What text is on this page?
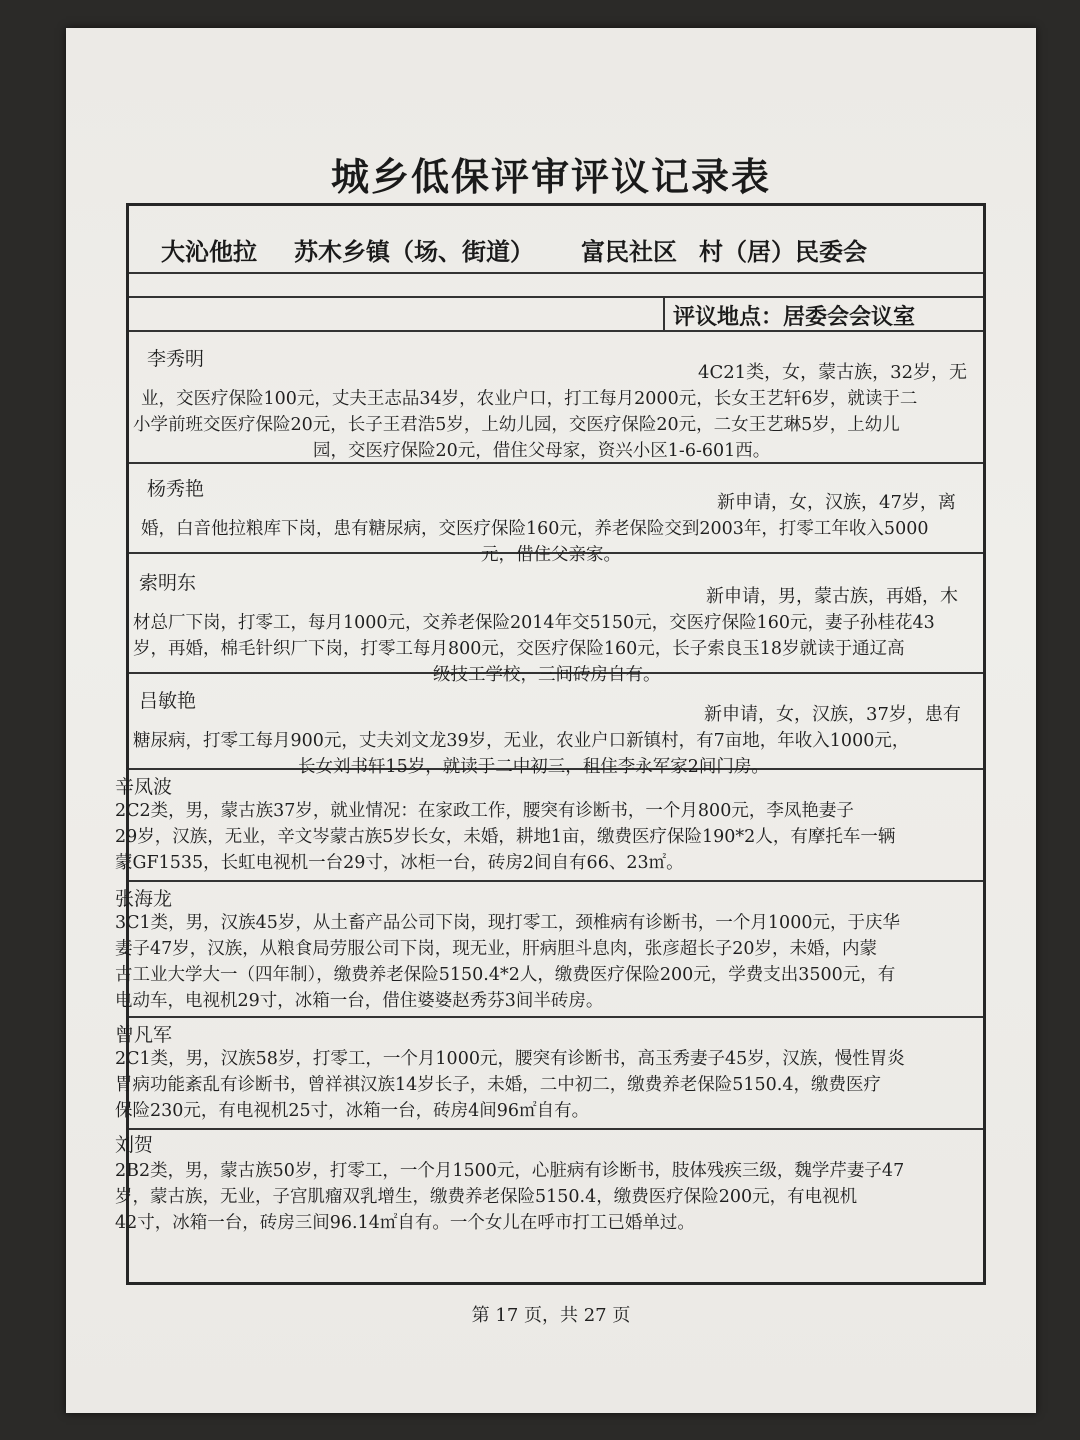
城乡低保评审评议记录表
大沁他拉 苏木乡镇（场、街道） 富民社区 村（居）民委会
评议地点：居委会会议室
李秀明
4C21类，女，蒙古族，32岁，无
业，交医疗保险100元，丈夫王志品34岁，农业户口，打工每月2000元，长女王艺轩6岁，就读于二
小学前班交医疗保险20元，长子王君浩5岁，上幼儿园，交医疗保险20元，二女王艺琳5岁，上幼儿
园，交医疗保险20元，借住父母家，资兴小区1-6-601西。
杨秀艳
新申请，女，汉族，47岁，离
婚，白音他拉粮库下岗，患有糖尿病，交医疗保险160元，养老保险交到2003年，打零工年收入5000
元，借住父亲家。
索明东
新申请，男，蒙古族，再婚，木
材总厂下岗，打零工，每月1000元，交养老保险2014年交5150元，交医疗保险160元，妻子孙桂花43
岁，再婚，棉毛针织厂下岗，打零工每月800元，交医疗保险160元，长子索良玉18岁就读于通辽高
级技工学校，三间砖房自有。
吕敏艳
新申请，女，汉族，37岁，患有
糖尿病，打零工每月900元，丈夫刘文龙39岁，无业，农业户口新镇村，有7亩地，年收入1000元，
长女刘书轩15岁，就读于二中初三，租住李永军家2间门房。
辛凤波
2C2类，男，蒙古族37岁，就业情况：在家政工作，腰突有诊断书，一个月800元，李凤艳妻子
29岁，汉族，无业，辛文岑蒙古族5岁长女，未婚，耕地1亩，缴费医疗保险190*2人，有摩托车一辆
蒙GF1535，长虹电视机一台29寸，冰柜一台，砖房2间自有66、23㎡。
张海龙
3C1类，男，汉族45岁，从土畜产品公司下岗，现打零工，颈椎病有诊断书，一个月1000元，于庆华
妻子47岁，汉族，从粮食局劳服公司下岗，现无业，肝病胆斗息肉，张彦超长子20岁，未婚，内蒙
古工业大学大一（四年制），缴费养老保险5150.4*2人，缴费医疗保险200元，学费支出3500元，有
电动车，电视机29寸，冰箱一台，借住婆婆赵秀芬3间半砖房。
曾凡军
2C1类，男，汉族58岁，打零工，一个月1000元，腰突有诊断书，高玉秀妻子45岁，汉族，慢性胃炎
胃病功能紊乱有诊断书，曾祥祺汉族14岁长子，未婚，二中初二，缴费养老保险5150.4，缴费医疗
保险230元，有电视机25寸，冰箱一台，砖房4间96㎡自有。
刘贺
2B2类，男，蒙古族50岁，打零工，一个月1500元，心脏病有诊断书，肢体残疾三级，魏学芹妻子47
岁，蒙古族，无业，子宫肌瘤双乳增生，缴费养老保险5150.4，缴费医疗保险200元，有电视机
42寸，冰箱一台，砖房三间96.14㎡自有。一个女儿在呼市打工已婚单过。
第 17 页，共 27 页
